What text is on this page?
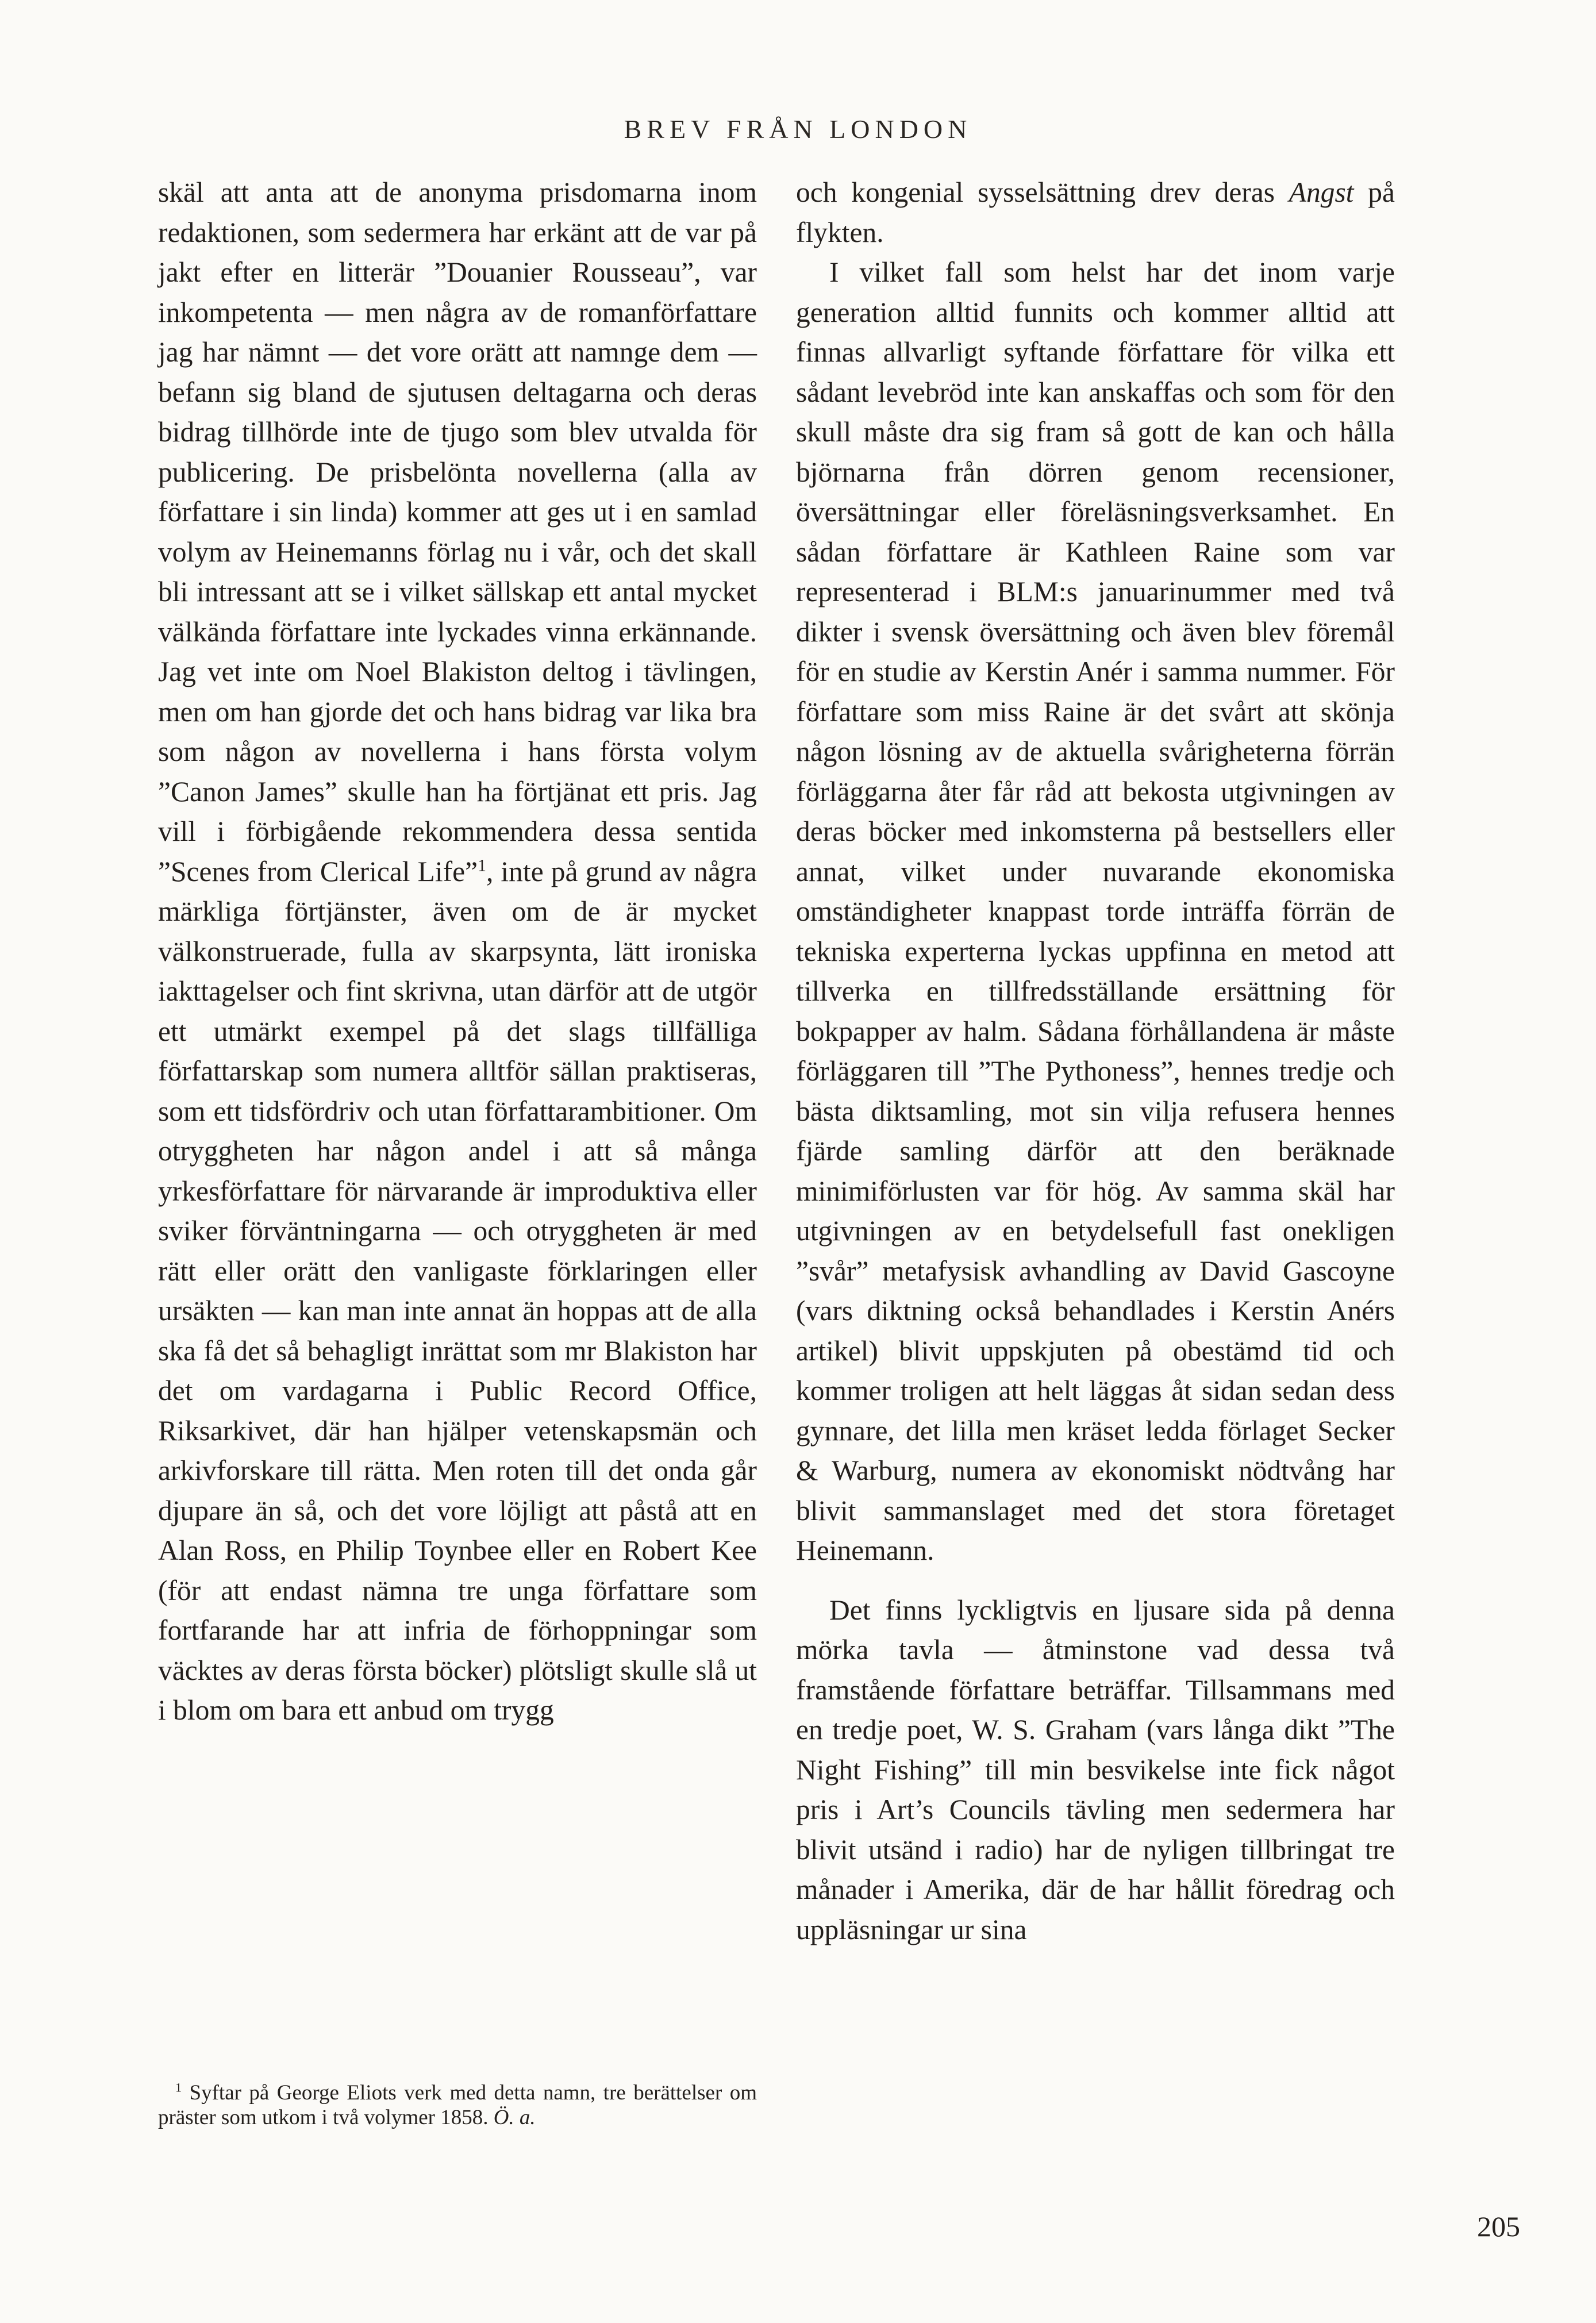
BREV FRÅN LONDON

skäl att anta att de anonyma prisdomarna inom redaktionen, som sedermera har erkänt att de var på jakt efter en litterär ”Douanier Rousseau”, var inkompetenta — men några av de romanförfattare jag har nämnt — det vore orätt att namnge dem — befann sig bland de sjutusen deltagarna och deras bidrag tillhörde inte de tjugo som blev utvalda för publicering. De prisbelönta novellerna (alla av författare i sin linda) kommer att ges ut i en samlad volym av Heinemanns förlag nu i vår, och det skall bli intressant att se i vilket sällskap ett antal mycket välkända författare inte lyckades vinna erkännande. Jag vet inte om Noel Blakiston deltog i tävlingen, men om han gjorde det och hans bidrag var lika bra som någon av novellerna i hans första volym ”Canon James” skulle han ha förtjänat ett pris. Jag vill i förbigående rekommendera dessa sentida ”Scenes from Clerical Life”$^1$, inte på grund av några märkliga förtjänster, även om de är mycket välkonstruerade, fulla av skarpsynta, lätt ironiska iakttagelser och fint skrivna, utan därför att de utgör ett utmärkt exempel på det slags tillfälliga författarskap som numera alltför sällan praktiseras, som ett tidsfördriv och utan författarambitioner. Om otryggheten har någon andel i att så många yrkesförfattare för närvarande är improduktiva eller sviker förväntningarna — och otryggheten är med rätt eller orätt den vanligaste förklaringen eller ursäkten — kan man inte annat än hoppas att de alla ska få det så behagligt inrättat som mr Blakiston har det om vardagarna i Public Record Office, Riksarkivet, där han hjälper vetenskapsmän och arkivforskare till rätta. Men roten till det onda går djupare än så, och det vore löjligt att påstå att en Alan Ross, en Philip Toynbee eller en Robert Kee (för att endast nämna tre unga författare som fortfarande har att infria de förhoppningar som väcktes av deras första böcker) plötsligt skulle slå ut i blom om bara ett anbud om trygg

$^1$ Syftar på George Eliots verk med detta namn, tre berättelser om präster som utkom i två volymer 1858. Ö. a.

och kongenial sysselsättning drev deras Angst på flykten.

I vilket fall som helst har det inom varje generation alltid funnits och kommer alltid att finnas allvarligt syftande författare för vilka ett sådant levebröd inte kan anskaffas och som för den skull måste dra sig fram så gott de kan och hålla björnarna från dörren genom recensioner, översättningar eller föreläsningsverksamhet. En sådan författare är Kathleen Raine som var representerad i BLM:s januarinummer med två dikter i svensk översättning och även blev föremål för en studie av Kerstin Anér i samma nummer. För författare som miss Raine är det svårt att skönja någon lösning av de aktuella svårigheterna förrän förläggarna åter får råd att bekosta utgivningen av deras böcker med inkomsterna på bestsellers eller annat, vilket under nuvarande ekonomiska omständigheter knappast torde inträffa förrän de tekniska experterna lyckas uppfinna en metod att tillverka en tillfredsställande ersättning för bokpapper av halm. Sådana förhållandena är måste förläggaren till ”The Pythoness”, hennes tredje och bästa diktsamling, mot sin vilja refusera hennes fjärde samling därför att den beräknade minimiförlusten var för hög. Av samma skäl har utgivningen av en betydelsefull fast onekligen ”svår” metafysisk avhandling av David Gascoyne (vars diktning också behandlades i Kerstin Anérs artikel) blivit uppskjuten på obestämd tid och kommer troligen att helt läggas åt sidan sedan dess gynnare, det lilla men kräset ledda förlaget Secker & Warburg, numera av ekonomiskt nödtvång har blivit sammanslaget med det stora företaget Heinemann.

Det finns lyckligtvis en ljusare sida på denna mörka tavla — åtminstone vad dessa två framstående författare beträffar. Tillsammans med en tredje poet, W. S. Graham (vars långa dikt ”The Night Fishing” till min besvikelse inte fick något pris i Art’s Councils tävling men sedermera har blivit utsänd i radio) har de nyligen tillbringat tre månader i Amerika, där de har hållit föredrag och uppläsningar ur sina

205
